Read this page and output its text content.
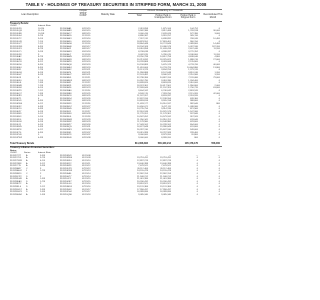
TABLE V - HOLDINGS OF TREASURY SECURITIES IN STRIPPED FORM, MARCH 31, 2008
Loan Description
Corpus STRIP CUSIP
Maturity Date
Amount Outstanding in Thousands
Total	Portion Held in Unstripped Form
Portion Held in Stripped Form
Reconstituted This Month
Treasury Bonds:
CUSIP:	Interest Rate:
912810DP0	10-3/4	912803AA1	02/15/15	2,019,858	1,875,106	144,752	0
912810DQ8	11-1/4	912803AB9	05/15/15	5,582,386	3,812,468	1,769,918	36,000
912810DR6	10-5/8	912803AC7	08/15/15	3,000,416	2,428,026	572,390	3,600
912810DS4	9-7/8	912803AD5	11/15/15	6,896,367	5,991,257	905,110	0
912810DT2	9-1/4	912803AE3	02/15/16	7,267,131	6,498,891	768,240	10,400
912810DU9	7-1/4	912803AF0	05/15/16	18,823,551	17,863,401	960,150	0
912810DV7	7-1/2	912803AG8	11/15/16	18,864,448	16,774,648	2,089,800	14,400
912810DW5	8-3/4	912803AH6	05/15/17	18,194,169	13,096,579	5,097,590	187,200
912810DX3	8-7/8	912803AJ2	08/15/17	14,016,858	11,409,418	2,607,440	11,200
912810DY1	9-1/8	912803AK9	05/15/18	8,708,639	4,938,287	3,770,352	0
912810DZ8	9	912803AL7	11/15/18	9,032,870	5,786,070	3,246,800	11,200
912810EA2	8-7/8	912803AM5	02/15/19	19,250,798	14,612,758	4,638,040	4,800
912810EB0	8-1/8	912803AN3	08/15/19	20,213,832	18,325,622	1,888,210	27,600
912810EC8	8-1/2	912803AP8	02/15/20	10,228,868	8,093,068	2,135,800	0
912810ED6	8-3/4	912803AQ6	05/15/20	10,158,883	5,425,123	4,733,760	40,000
912810EE4	8-3/4	912803AR4	08/15/20	21,418,606	10,733,726	10,684,880	13,800
912810EF1	7-7/8	912803AS2	02/15/21	11,113,373	9,834,253	1,279,120	0
912810EG9	8-1/8	912803AT0	05/15/21	11,958,888	8,107,648	3,851,240	1,200
912810EH7	8-1/8	912803AU7	08/15/21	12,163,482	9,946,522	2,216,960	3,200
912810EJ3	8	912803AV5	11/15/21	32,798,394	24,887,314	7,911,080	79,600
912810EK0	7-1/4	912803AW3	08/15/22	10,352,790	9,018,390	1,334,400	0
912810EL8	7-5/8	912803AX1	11/15/22	10,699,626	8,683,626	2,016,000	0
912810EM6	7-1/8	912803AY9	02/15/23	18,374,361	16,417,561	1,956,800	2,000
912810EN4	6-1/4	912803AZ6	08/15/23	22,909,044	21,152,324	1,756,720	63,600
912810EP9	7-1/2	912803BA0	11/15/24	9,604,162	6,740,642	2,863,520	0
912810EQ7	7-5/8	912803BB8	02/15/25	9,509,170	7,393,250	2,115,920	42,000
912810ES3	6-7/8	912803BC6	08/15/25	11,187,207	8,833,287	2,353,920	0
912810ET1	6	912803BD4	02/15/26	12,837,916	12,198,556	639,360	0
912810EV6	6-3/4	912803BE2	08/15/26	10,893,818	9,905,158	988,660	0
912810EW4	6-1/2	912803BF9	11/15/26	11,493,177	10,510,537	982,640	800
912810EX2	6-5/8	912803BG7	02/15/27	10,456,071	9,417,111	1,038,960	0
912810EY0	6-3/8	912803BH5	08/15/27	10,735,756	9,914,196	821,560	0
912810EZ7	6-1/8	912803BJ1	11/15/27	22,518,539	20,970,579	1,547,960	0
912810FB9	5-1/2	912803BK8	08/15/28	11,776,201	11,178,361	597,840	0
912810FE3	5-1/4	912803BL6	11/15/28	10,947,052	10,579,532	367,520	0
912810FF0	5-1/4	912803BM4	02/15/29	11,350,341	10,916,701	433,640	0
912810FG8	6-1/8	912803BN2	08/15/29	11,178,580	10,548,980	629,600	0
912810FJ2	6-1/4	912803BP7	05/15/30	17,043,162	16,239,162	804,000	0
912810FM5	5-3/8	912803BQ5	02/15/31	16,427,648	15,996,048	431,600	0
912810FP8	4-1/2	912803BR3	02/15/36	26,397,130	25,847,530	549,600	0
912810FT0	4-3/4	912803BS1	02/15/37	19,015,999	18,787,599	228,400	0
912810PU6	5	912803BT9	05/15/37	9,000,000	8,979,200	20,800	0
912810PW2	4-3/8	912803BU6	02/15/38	9,000,000	8,999,200	800	0
Total Treasury Bonds	611,608,384	506,430,214	105,178,170	558,000
Treasury Inflation-Protected Securities:
Notes:
CUSIP:	Series:	Interest Rate:
9128273T7 A	3-5/8	912820BV8	01/15/08	—	—	—	—
9128274Y5 A	3-7/8	912820BW6	01/15/09	19,718,431	19,718,431	0	0
9128275W8 A	4-1/4	912820BX4	01/15/10	12,897,219	12,897,219	0	0
9128276R8 A	3-1/2	912820BY2	01/15/11	13,440,398	13,440,398	0	0
9128277J5 A	3-3/8	912820BZ9	01/15/12	7,478,521	7,478,521	0	0
912828AF7 C	3	912820DP9	07/15/12	26,112,406	26,112,406	0	0
912828AU4 J	1-7/8	912820EW3	07/15/13	24,155,478	24,155,478	0	0
912828BD1 C	2	912820FA0	01/15/14	22,962,153	22,962,153	0	0
912828CP2 D	2	912820HT7	07/15/14	21,508,212	21,508,212	0	0
912828DH9 A	1-5/8	912820JC2	01/15/15	21,061,396	21,061,396	0	0
912828EA3 D	1-7/8	912820KR7	07/15/15	20,206,432	20,206,432	0	0
912828ET2 A	2	912820LG0	01/15/16	19,618,521	19,618,521	0	0
912828FL0 D	2-1/2	912820MS3	07/15/16	19,131,384	19,131,384	0	0
912828GD7 A	2-3/8	912820NS2	01/15/17	17,958,437	17,958,437	0	0
912828GX3 D	2-5/8	912820PH4	07/15/17	16,389,096	16,389,096	0	0
912828HN4 A	1-5/8	912820QN0	01/15/18	9,085,340	9,085,340	0	0
